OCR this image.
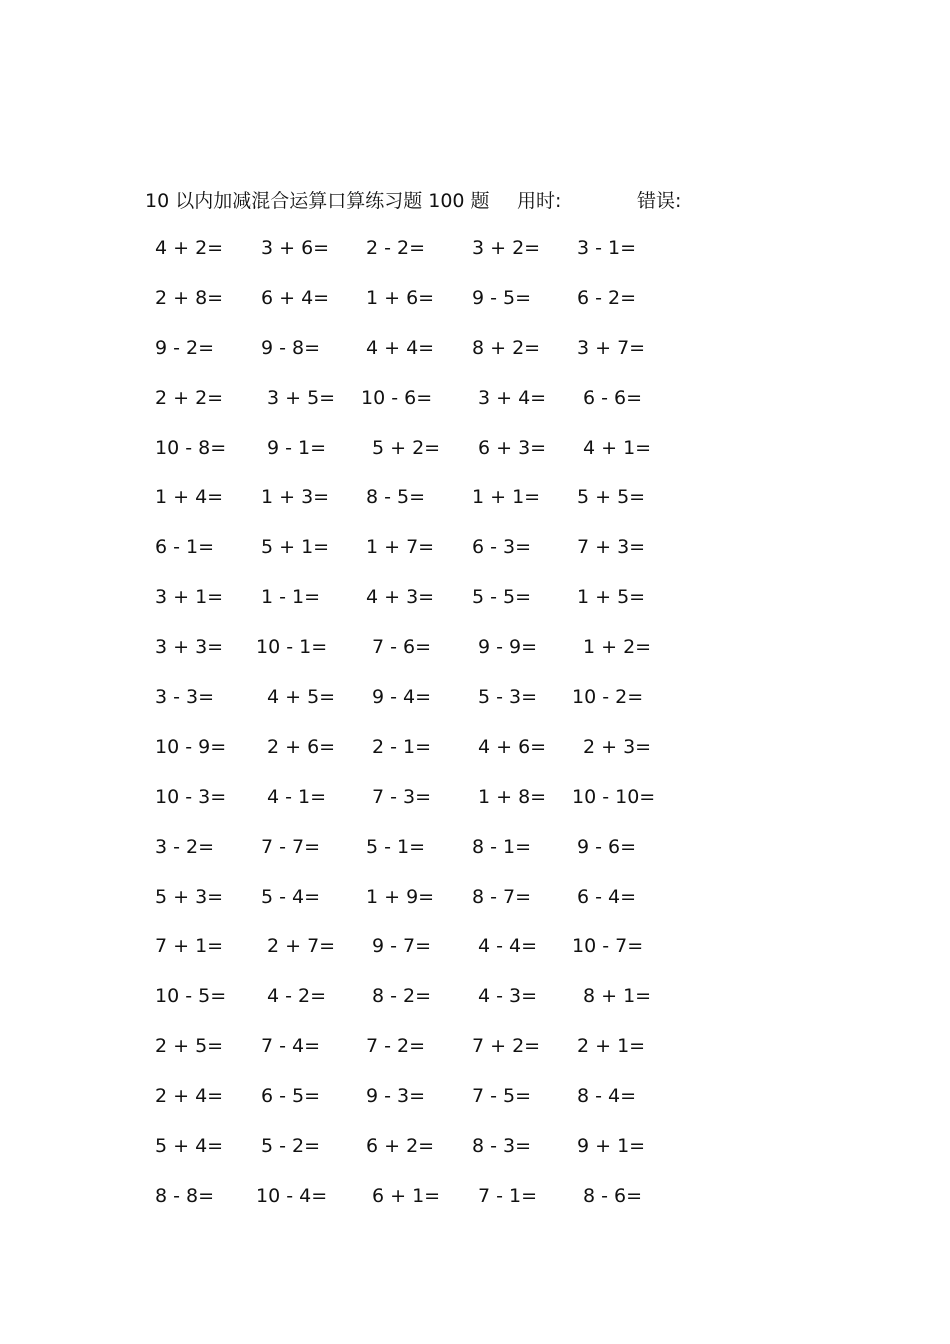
10 以内加减混合运算口算练习题 100 题 用时:	错误:
4 + 2= 3 + 6= 2 - 2= 3 + 2= 3 - 1=
2 + 8= 6 + 4= 1 + 6= 9 - 5= 6 - 2=
9 - 2= 9 - 8= 4 + 4= 8 + 2= 3 + 7=
2 + 2= 3 + 5= 10 - 6= 3 + 4= 6 - 6=
10 - 8= 9 - 1= 5 + 2= 6 + 3= 4 + 1=
1 + 4= 1 + 3= 8 - 5= 1 + 1= 5 + 5=
6 - 1= 5 + 1= 1 + 7= 6 - 3= 7 + 3=
3 + 1= 1 - 1= 4 + 3= 5 - 5= 1 + 5=
3 + 3= 10 - 1= 7 - 6= 9 - 9= 1 + 2=
3 - 3=	4 + 5= 9 - 4= 5 - 3= 10 - 2=
10 - 9= 2 + 6= 2 - 1= 4 + 6= 2 + 3=
10 - 3= 4 - 1= 7 - 3= 1 + 8= 10 - 10=
3 - 2= 7 - 7= 5 - 1= 8 - 1= 9 - 6=
5 + 3= 5 - 4= 1 + 9= 8 - 7= 6 - 4=
7 + 1= 2 + 7= 9 - 7= 4 - 4= 10 - 7=
10 - 5= 4 - 2= 8 - 2= 4 - 3= 8 + 1=
2 + 5= 7 - 4= 7 - 2= 7 + 2= 2 + 1=
2 + 4= 6 - 5= 9 - 3= 7 - 5= 8 - 4=
5 + 4= 5 - 2= 6 + 2= 8 - 3= 9 + 1=
8 - 8= 10 - 4= 6 + 1= 7 - 1= 8 - 6=
